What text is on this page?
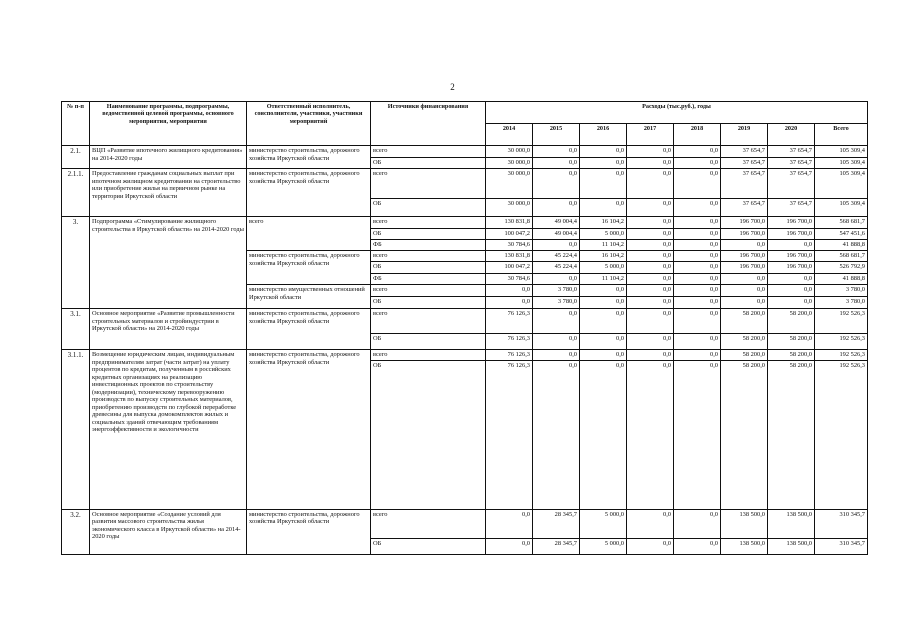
2
№ п-п	Наименование программы, подпрограммы, ведомственной целевой программы, основного мероприятия, мероприятия	Ответственный исполнитель, соисполнители, участники, участники мероприятий	Источники финансирования	Расходы (тыс.руб.), годы							
				2014	2015	2016	2017	2018	2019	2020	Всего
2.1.	ВЦП «Развитие ипотечного жилищного кредитования» на 2014-2020 годы	министерство строительства, дорожного хозяйства Иркутской области	всего	30 000,0	0,0	0,0	0,0	0,0	37 654,7	37 654,7	105 309,4
			ОБ	30 000,0	0,0	0,0	0,0	0,0	37 654,7	37 654,7	105 309,4
2.1.1.	Предоставление гражданам социальных выплат при ипотечном жилищном кредитовании на строительство или приобретение жилья на первичном рынке на территории Иркутской области	министерство строительства, дорожного хозяйства Иркутской области	всего	30 000,0	0,0	0,0	0,0	0,0	37 654,7	37 654,7	105 309,4
			ОБ	30 000,0	0,0	0,0	0,0	0,0	37 654,7	37 654,7	105 309,4
3.	Подпрограмма «Стимулирование жилищного строительства в Иркутской области» на 2014-2020 годы	всего	всего	130 831,8	49 004,4	16 104,2	0,0	0,0	196 700,0	196 700,0	568 681,7
			ОБ	100 047,2	49 004,4	5 000,0	0,0	0,0	196 700,0	196 700,0	547 451,6
			ФБ	30 784,6	0,0	11 104,2	0,0	0,0	0,0	0,0	41 888,8
		министерство строительства, дорожного хозяйства Иркутской области	всего	130 831,8	45 224,4	16 104,2	0,0	0,0	196 700,0	196 700,0	568 681,7
			ОБ	100 047,2	45 224,4	5 000,0	0,0	0,0	196 700,0	196 700,0	526 792,9
			ФБ	30 784,6	0,0	11 104,2	0,0	0,0	0,0	0,0	41 888,8
		министерство имущественных отношений Иркутской области	всего	0,0	3 780,0	0,0	0,0	0,0	0,0	0,0	3 780,0
			ОБ	0,0	3 780,0	0,0	0,0	0,0	0,0	0,0	3 780,0
3.1.	Основное мероприятие «Развитие промышленности строительных материалов и стройиндустрии в Иркутской области» на 2014-2020 годы	министерство строительства, дорожного хозяйства Иркутской области	всего	76 126,3	0,0	0,0	0,0	0,0	58 200,0	58 200,0	192 526,3
			ОБ	76 126,3	0,0	0,0	0,0	0,0	58 200,0	58 200,0	192 526,3
3.1.1.	Возмещение юридическим лицам, индивидуальным предпринимателям затрат (части затрат) на уплату процентов по кредитам, полученным в российских кредитных организациях на реализацию инвестиционных проектов по строительству (модернизации), техническому перевооружению производств по выпуску строительных материалов, приобретению производств по глубокой переработке древесины для выпуска домокомплектов жилых и социальных зданий отвечающим требованиям энергоэффективности и экологичности	министерство строительства, дорожного хозяйства Иркутской области	всего	76 126,3	0,0	0,0	0,0	0,0	58 200,0	58 200,0	192 526,3
			ОБ	76 126,3	0,0	0,0	0,0	0,0	58 200,0	58 200,0	192 526,3
3.2.	Основное мероприятие «Создание условий для развития массового строительства жилья экономического класса в Иркутской области» на 2014-2020 годы	министерство строительства, дорожного хозяйства Иркутской области	всего	0,0	28 345,7	5 000,0	0,0	0,0	138 500,0	138 500,0	310 345,7
			ОБ	0,0	28 345,7	5 000,0	0,0	0,0	138 500,0	138 500,0	310 345,7
